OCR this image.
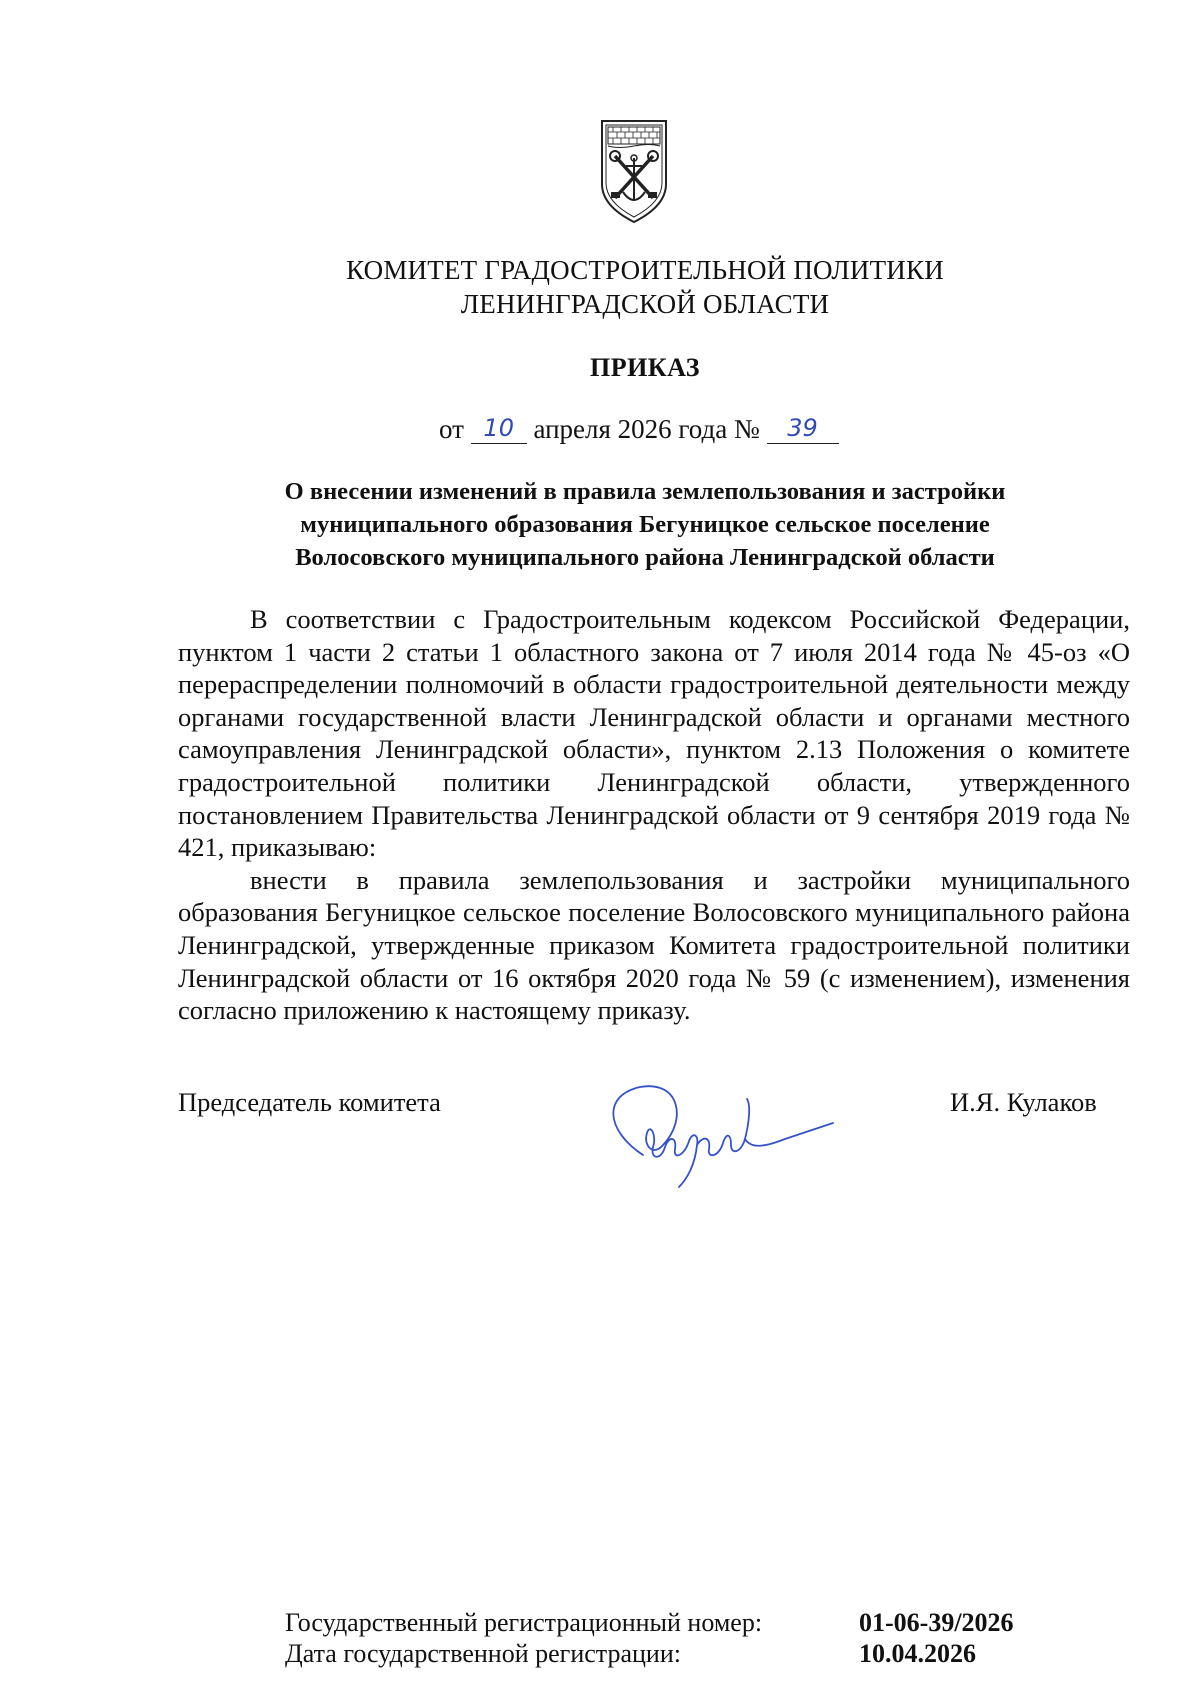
КОМИТЕТ ГРАДОСТРОИТЕЛЬНОЙ ПОЛИТИКИ
ЛЕНИНГРАДСКОЙ ОБЛАСТИ
ПРИКАЗ
от 10 апреля 2026 года № 39
О внесении изменений в правила землепользования и застройки
муниципального образования Бегуницкое сельское поселение
Волосовского муниципального района Ленинградской области

В соответствии с Градостроительным кодексом Российской Федерации, пунктом 1 части 2 статьи 1 областного закона от 7 июля 2014 года № 45-оз «О перераспределении полномочий в области градостроительной деятельности между органами государственной власти Ленинградской области и органами местного самоуправления Ленинградской области», пунктом 2.13 Положения о комитете градостроительной политики Ленинградской области, утвержденного постановлением Правительства Ленинградской области от 9 сентября 2019 года № 421, приказываю:

внести в правила землепользования и застройки муниципального образования Бегуницкое сельское поселение Волосовского муниципального района Ленинградской, утвержденные приказом Комитета градостроительной политики Ленинградской области от 16 октября 2020 года № 59 (с изменением), изменения согласно приложению к настоящему приказу.

Председатель комитета	И.Я. Кулаков
Государственный регистрационный номер:	01-06-39/2026
Дата государственной регистрации:	10.04.2026
